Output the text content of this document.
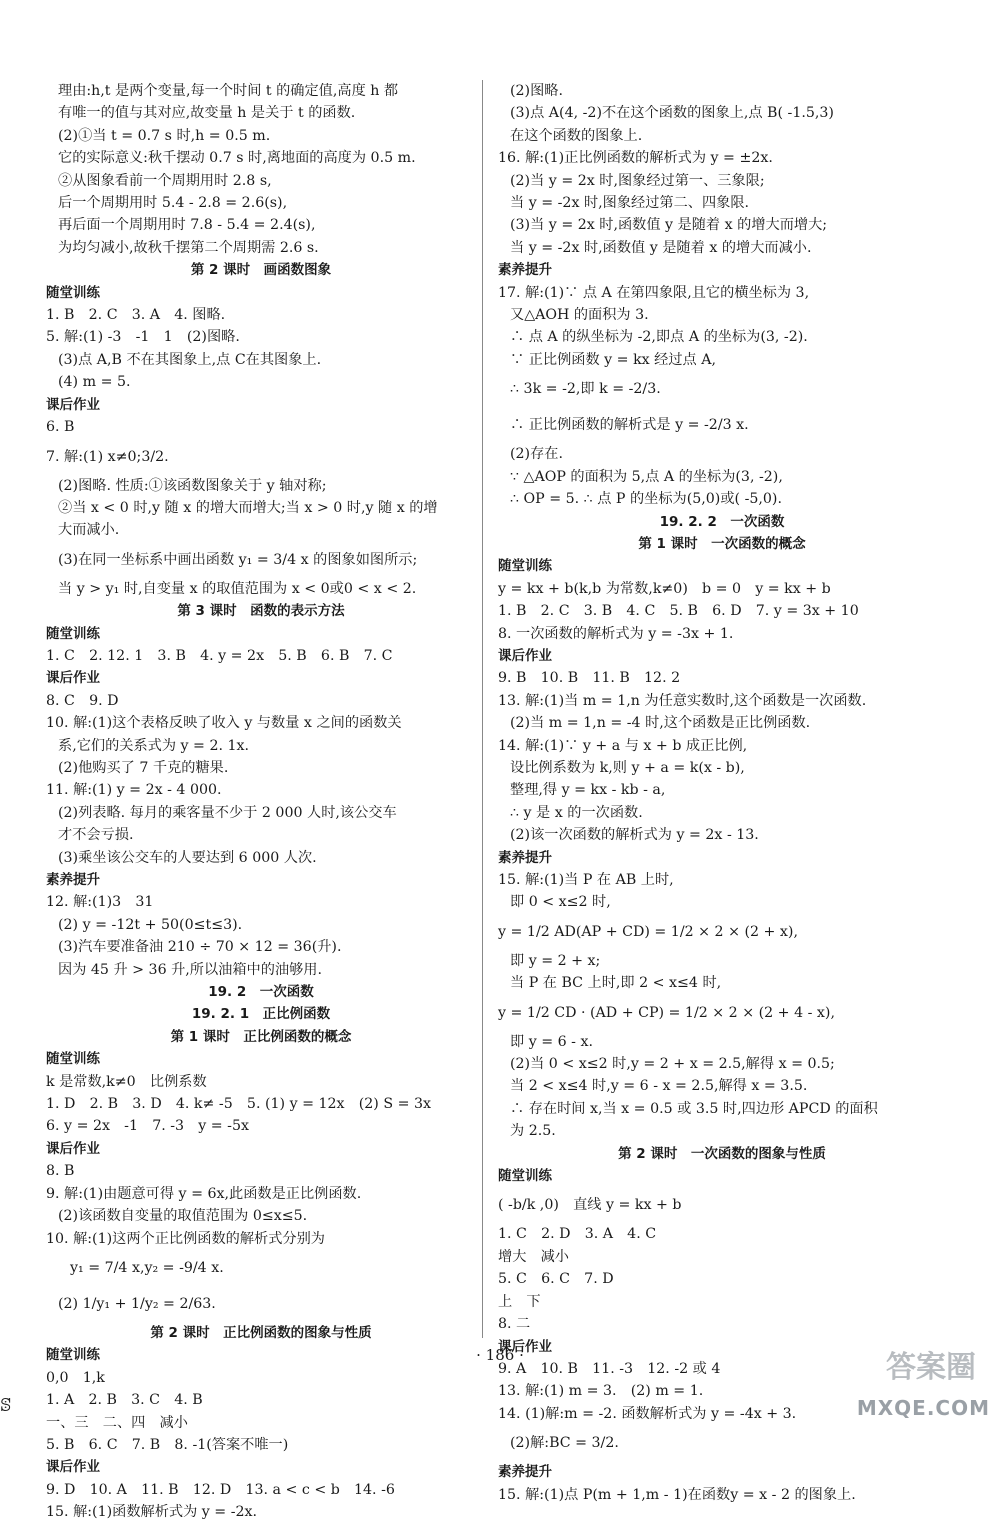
理由:h,t 是两个变量,每一个时间 t 的确定值,高度 h 都
有唯一的值与其对应,故变量 h 是关于 t 的函数.
(2)①当 t = 0.7 s 时,h = 0.5 m.
它的实际意义:秋千摆动 0.7 s 时,离地面的高度为 0.5 m.
②从图象看前一个周期用时 2.8 s,
后一个周期用时 5.4 - 2.8 = 2.6(s),
再后面一个周期用时 7.8 - 5.4 = 2.4(s),
为均匀减小,故秋千摆第二个周期需 2.6 s.
第 2 课时　画函数图象
随堂训练
1. B　2. C　3. A　4. 图略.
5. 解:(1) -3　-1　1　(2)图略.
(3)点 A,B 不在其图象上,点 C在其图象上.
(4) m = 5.
课后作业
6. B
7. 解:(1) x≠0;3/2.
(2)图略. 性质:①该函数图象关于 y 轴对称;
②当 x < 0 时,y 随 x 的增大而增大;当 x > 0 时,y 随 x 的增
大而减小.
(3)在同一坐标系中画出函数 y₁ = 3/4 x 的图象如图所示;
当 y > y₁ 时,自变量 x 的取值范围为 x < 0或0 < x < 2.
第 3 课时　函数的表示方法
随堂训练
1. C　2. 12. 1　3. B　4. y = 2x　5. B　6. B　7. C
课后作业
8. C　9. D
10. 解:(1)这个表格反映了收入 y 与数量 x 之间的函数关
系,它们的关系式为 y = 2. 1x.
(2)他购买了 7 千克的糖果.
11. 解:(1) y = 2x - 4 000.
(2)列表略. 每月的乘客量不少于 2 000 人时,该公交车
才不会亏损.
(3)乘坐该公交车的人要达到 6 000 人次.
素养提升
12. 解:(1)3　31
(2) y = -12t + 50(0≤t≤3).
(3)汽车要准备油 210 ÷ 70 × 12 = 36(升).
因为 45 升 > 36 升,所以油箱中的油够用.
19. 2　一次函数
19. 2. 1　正比例函数
第 1 课时　正比例函数的概念
随堂训练
k 是常数,k≠0　比例系数
1. D　2. B　3. D　4. k≠ -5　5. (1) y = 12x　(2) S = 3x
6. y = 2x　-1　7. -3　y = -5x
课后作业
8. B
9. 解:(1)由题意可得 y = 6x,此函数是正比例函数.
(2)该函数自变量的取值范围为 0≤x≤5.
10. 解:(1)这两个正比例函数的解析式分别为
y₁ = 7/4 x,y₂ = -9/4 x.
(2) 1/y₁ + 1/y₂ = 2/63.
第 2 课时　正比例函数的图象与性质
随堂训练
0,0　1,k
1. A　2. B　3. C　4. B
一、三　二、四　减小
5. B　6. C　7. B　8. -1(答案不唯一)
课后作业
9. D　10. A　11. B　12. D　13. a < c < b　14. -6
15. 解:(1)函数解析式为 y = -2x.
(2)图略.
(3)点 A(4, -2)不在这个函数的图象上,点 B( -1.5,3)
在这个函数的图象上.
16. 解:(1)正比例函数的解析式为 y = ±2x.
(2)当 y = 2x 时,图象经过第一、三象限;
当 y = -2x 时,图象经过第二、四象限.
(3)当 y = 2x 时,函数值 y 是随着 x 的增大而增大;
当 y = -2x 时,函数值 y 是随着 x 的增大而减小.
素养提升
17. 解:(1)∵ 点 A 在第四象限,且它的横坐标为 3,
又△AOH 的面积为 3.
∴ 点 A 的纵坐标为 -2,即点 A 的坐标为(3, -2).
∵ 正比例函数 y = kx 经过点 A,
∴ 3k = -2,即 k = -2/3.
∴ 正比例函数的解析式是 y = -2/3 x.
(2)存在.
∵ △AOP 的面积为 5,点 A 的坐标为(3, -2),
∴ OP = 5. ∴ 点 P 的坐标为(5,0)或( -5,0).
19. 2. 2　一次函数
第 1 课时　一次函数的概念
随堂训练
y = kx + b(k,b 为常数,k≠0)　b = 0　y = kx + b
1. B　2. C　3. B　4. C　5. B　6. D　7. y = 3x + 10
8. 一次函数的解析式为 y = -3x + 1.
课后作业
9. B　10. B　11. B　12. 2
13. 解:(1)当 m = 1,n 为任意实数时,这个函数是一次函数.
(2)当 m = 1,n = -4 时,这个函数是正比例函数.
14. 解:(1)∵ y + a 与 x + b 成正比例,
设比例系数为 k,则 y + a = k(x - b),
整理,得 y = kx - kb - a,
∴ y 是 x 的一次函数.
(2)该一次函数的解析式为 y = 2x - 13.
素养提升
15. 解:(1)当 P 在 AB 上时,
即 0 < x≤2 时,
y = 1/2 AD(AP + CD) = 1/2 × 2 × (2 + x),
即 y = 2 + x;
当 P 在 BC 上时,即 2 < x≤4 时,
y = 1/2 CD · (AD + CP) = 1/2 × 2 × (2 + 4 - x),
即 y = 6 - x.
(2)当 0 < x≤2 时,y = 2 + x = 2.5,解得 x = 0.5;
当 2 < x≤4 时,y = 6 - x = 2.5,解得 x = 3.5.
∴ 存在时间 x,当 x = 0.5 或 3.5 时,四边形 APCD 的面积
为 2.5.
第 2 课时　一次函数的图象与性质
随堂训练
( -b/k ,0)　直线 y = kx + b
1. C　2. D　3. A　4. C
增大　减小
5. C　6. C　7. D
上　下
8. 二
课后作业
9. A　10. B　11. -3　12. -2 或 4
13. 解:(1) m = 3.　(2) m = 1.
14. (1)解:m = -2. 函数解析式为 y = -4x + 3.
(2)解:BC = 3/2.
素养提升
15. 解:(1)点 P(m + 1,m - 1)在函数y = x - 2 的图象上.
· 186 ·
ꕷ
答案圈
MXQE.COM
